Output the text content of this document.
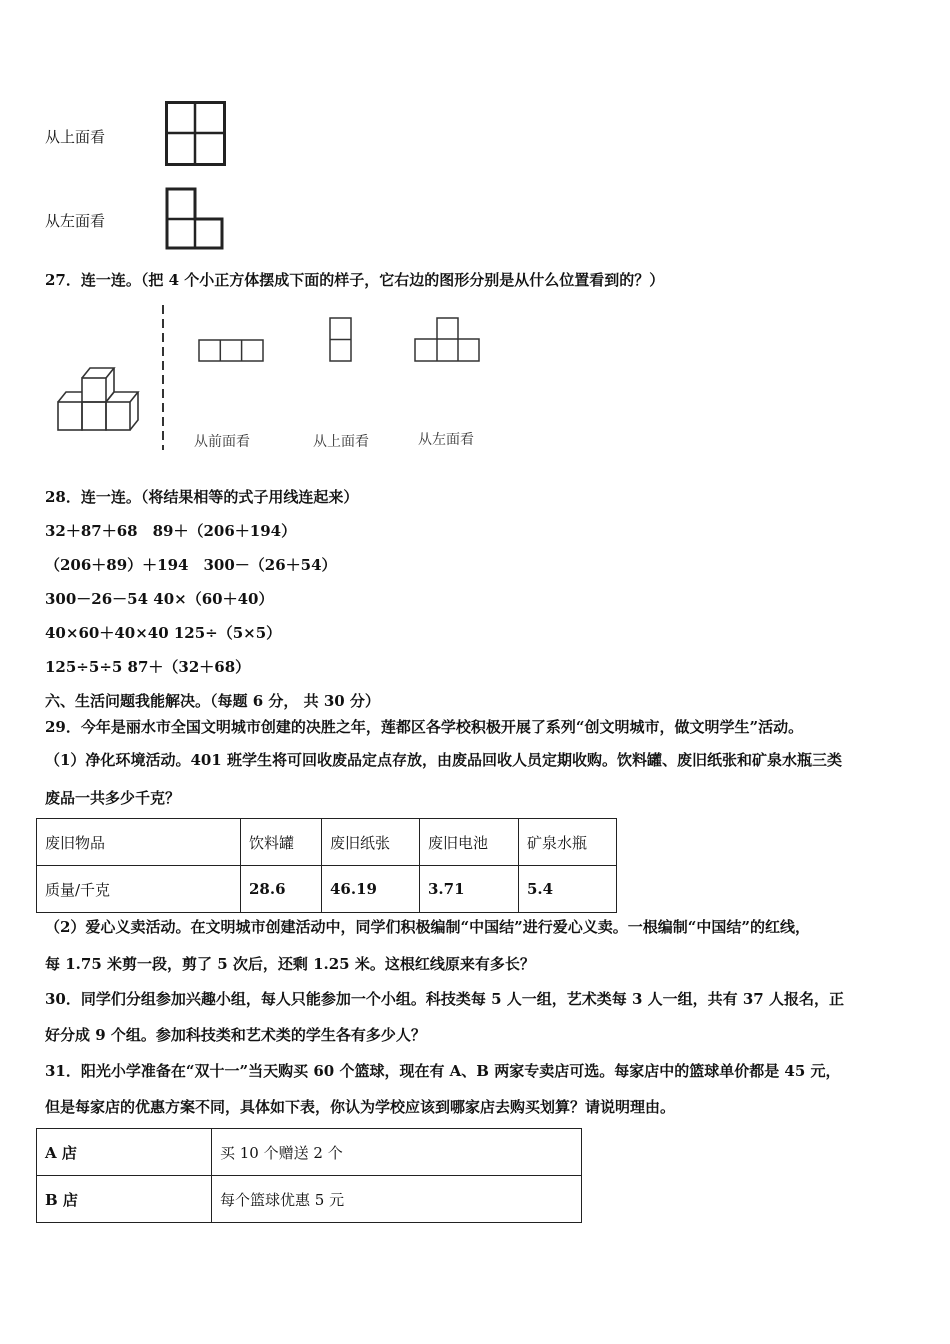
从上面看
从左面看
27．连一连。（把 4 个小正方体摆成下面的样子，它右边的图形分别是从什么位置看到的？）
从前面看	从上面看	从左面看
28．连一连。（将结果相等的式子用线连起来）
32＋87＋68　89＋（206＋194）
（206＋89）＋194　300－（26＋54）
300－26－54 40×（60＋40）
40×60＋40×40 125÷（5×5）
125÷5÷5 87＋（32＋68）
六、生活问题我能解决。（每题 6 分， 共 30 分）
29．今年是丽水市全国文明城市创建的决胜之年，莲都区各学校积极开展了系列“创文明城市，做文明学生”活动。
（1）净化环境活动。401 班学生将可回收废品定点存放，由废品回收人员定期收购。饮料罐、废旧纸张和矿泉水瓶三类
废品一共多少千克？
废旧物品	饮料罐	废旧纸张	废旧电池	矿泉水瓶
质量/千克	28.6	46.19	3.71	5.4
（2）爱心义卖活动。在文明城市创建活动中，同学们积极编制“中国结”进行爱心义卖。一根编制“中国结”的红线，
每 1.75 米剪一段，剪了 5 次后，还剩 1.25 米。这根红线原来有多长？
30．同学们分组参加兴趣小组，每人只能参加一个小组。科技类每 5 人一组，艺术类每 3 人一组，共有 37 人报名，正
好分成 9 个组。参加科技类和艺术类的学生各有多少人？
31．阳光小学准备在“双十一”当天购买 60 个篮球，现在有 A、B 两家专卖店可选。每家店中的篮球单价都是 45 元，
但是每家店的优惠方案不同，具体如下表，你认为学校应该到哪家店去购买划算？请说明理由。
A 店	买 10 个赠送 2 个
B 店	每个篮球优惠 5 元
